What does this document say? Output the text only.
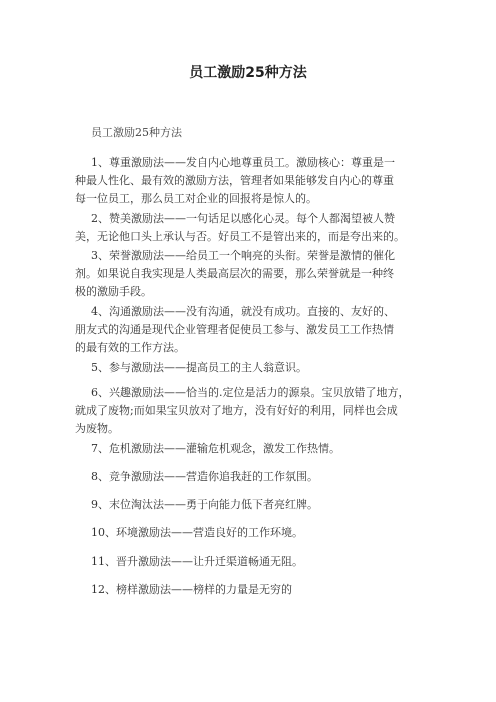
员工激励25种方法
员工激励25种方法
1、尊重激励法——发自内心地尊重员工。激励核心：尊重是一
种最人性化、最有效的激励方法，管理者如果能够发自内心的尊重
每一位员工，那么员工对企业的回报将是惊人的。
2、赞美激励法——一句话足以感化心灵。每个人都渴望被人赞
美，无论他口头上承认与否。好员工不是管出来的，而是夸出来的。
3、荣誉激励法——给员工一个响亮的头衔。荣誉是激情的催化
剂。如果说自我实现是人类最高层次的需要，那么荣誉就是一种终
极的激励手段。
4、沟通激励法——没有沟通，就没有成功。直接的、友好的、
朋友式的沟通是现代企业管理者促使员工参与、激发员工工作热情
的最有效的工作方法。
5、参与激励法——提高员工的主人翁意识。
6、兴趣激励法——恰当的.定位是活力的源泉。宝贝放错了地方，
就成了废物;而如果宝贝放对了地方，没有好好的利用，同样也会成
为废物。
7、危机激励法——灌输危机观念，激发工作热情。
8、竞争激励法——营造你追我赶的工作氛围。
9、末位淘汰法——勇于向能力低下者亮红牌。
10、环境激励法——营造良好的工作环境。
11、晋升激励法——让升迁渠道畅通无阻。
12、榜样激励法——榜样的力量是无穷的
